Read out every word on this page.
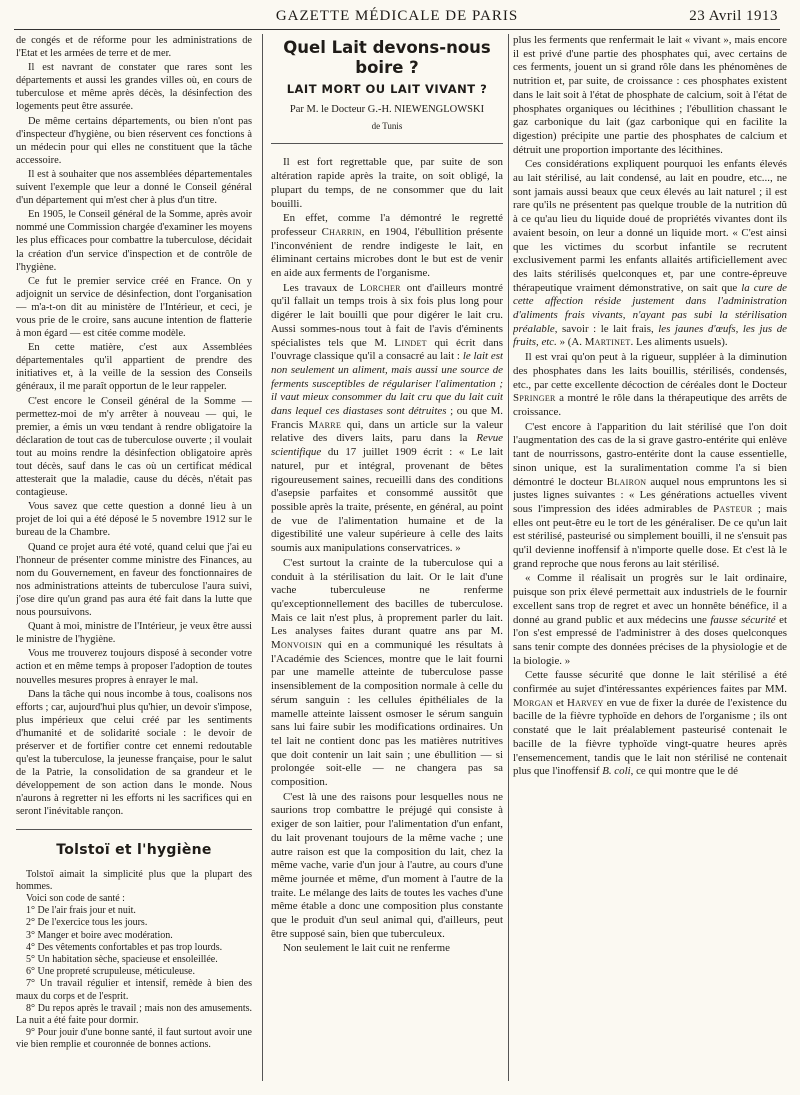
GAZETTE MÉDICALE DE PARIS	23 Avril 1913

de congés et de réforme pour les administrations de l'Etat et les armées de terre et de mer.

Il est navrant de constater que rares sont les départements et aussi les grandes villes où, en cours de tuberculose et même après décès, la désinfection des logements peut être assurée.

De même certains départements, ou bien n'ont pas d'inspecteur d'hygiène, ou bien réservent ces fonctions à un médecin pour qui elles ne constituent que la tâche accessoire.

Il est à souhaiter que nos assemblées départementales suivent l'exemple que leur a donné le Conseil général d'un département qui m'est cher à plus d'un titre.

En 1905, le Conseil général de la Somme, après avoir nommé une Commission chargée d'examiner les moyens les plus efficaces pour combattre la tuberculose, décidait la création d'un service d'inspection et de contrôle de l'hygiène.

Ce fut le premier service créé en France. On y adjoignit un service de désinfection, dont l'organisation — m'a-t-on dit au ministère de l'Intérieur, et ceci, je vous prie de le croire, sans aucune intention de flatterie à mon égard — est citée comme modèle.

En cette matière, c'est aux Assemblées départementales qu'il appartient de prendre des initiatives et, à la veille de la session des Conseils généraux, il me paraît opportun de le leur rappeler.

C'est encore le Conseil général de la Somme — permettez-moi de m'y arrêter à nouveau — qui, le premier, a émis un vœu tendant à rendre obligatoire la déclaration de tout cas de tuberculose ouverte ; il voulait tout au moins rendre la désinfection obligatoire après tout décès, sauf dans le cas où un certificat médical attesterait que la maladie, cause du décès, n'était pas contagieuse.

Vous savez que cette question a donné lieu à un projet de loi qui a été déposé le 5 novembre 1912 sur le bureau de la Chambre.

Quand ce projet aura été voté, quand celui que j'ai eu l'honneur de présenter comme ministre des Finances, au nom du Gouvernement, en faveur des fonctionnaires de nos administrations atteints de tuberculose l'aura suivi, j'ose dire qu'un grand pas aura été fait dans la lutte que nous poursuivons.

Quant à moi, ministre de l'Intérieur, je veux être aussi le ministre de l'hygiène.

Vous me trouverez toujours disposé à seconder votre action et en même temps à proposer l'adoption de toutes nouvelles mesures propres à enrayer le mal.

Dans la tâche qui nous incombe à tous, coalisons nos efforts ; car, aujourd'hui plus qu'hier, un devoir s'impose, plus impérieux que celui créé par les sentiments d'humanité et de solidarité sociale : le devoir de préserver et de fortifier contre cet ennemi redoutable qu'est la tuberculose, la jeunesse française, pour le salut de la Patrie, la consolidation de sa grandeur et le développement de son action dans le monde. Nous n'aurons à regretter ni les efforts ni les sacrifices qui en seront l'inévitable rançon.

Tolstoï et l'hygiène

Tolstoï aimait la simplicité plus que la plupart des hommes.

Voici son code de santé :

1° De l'air frais jour et nuit.

2° De l'exercice tous les jours.

3° Manger et boire avec modération.

4° Des vêtements confortables et pas trop lourds.

5° Un habitation sèche, spacieuse et ensoleillée.

6° Une propreté scrupuleuse, méticuleuse.

7° Un travail régulier et intensif, remède à bien des maux du corps et de l'esprit.

8° Du repos après le travail ; mais non des amusements. La nuit a été faite pour dormir.

9° Pour jouir d'une bonne santé, il faut surtout avoir une vie bien remplie et couronnée de bonnes actions.

Quel Lait devons-nous boire ?
LAIT MORT OU LAIT VIVANT ?
Par M. le Docteur G.-H. NIEWENGLOWSKI
de Tunis

Il est fort regrettable que, par suite de son altération rapide après la traite, on soit obligé, la plupart du temps, de ne consommer que du lait bouilli.

En effet, comme l'a démontré le regretté professeur Charrin, en 1904, l'ébullition présente l'inconvénient de rendre indigeste le lait, en éliminant certains microbes dont le but est de venir en aide aux ferments de l'organisme.

Les travaux de Lorcher ont d'ailleurs montré qu'il fallait un temps trois à six fois plus long pour digérer le lait bouilli que pour digérer le lait cru. Aussi sommes-nous tout à fait de l'avis d'éminents spécialistes tels que M. Lindet qui écrit dans l'ouvrage classique qu'il a consacré au lait : le lait est non seulement un aliment, mais aussi une source de ferments susceptibles de régulariser l'alimentation ; il vaut mieux consommer du lait cru que du lait cuit dans lequel ces diastases sont détruites ; ou que M. Francis Marre qui, dans un article sur la valeur relative des divers laits, paru dans la Revue scientifique du 17 juillet 1909 écrit : « Le lait naturel, pur et intégral, provenant de bêtes rigoureusement saines, recueilli dans des conditions d'asepsie parfaites et consommé aussitôt que possible après la traite, présente, en général, au point de vue de l'alimentation humaine et de la digestibilité une valeur supérieure à celle des laits soumis aux manipulations conservatrices. »

C'est surtout la crainte de la tuberculose qui a conduit à la stérilisation du lait. Or le lait d'une vache tuberculeuse ne renferme qu'exceptionnellement des bacilles de tuberculose. Mais ce lait n'est plus, à proprement parler du lait. Les analyses faites durant quatre ans par M. Monvoisin qui en a communiqué les résultats à l'Académie des Sciences, montre que le lait fourni par une mamelle atteinte de tuberculose passe insensiblement de la composition normale à celle du sérum sanguin : les cellules épithéliales de la mamelle atteinte laissent osmoser le sérum sanguin sans lui faire subir les modifications ordinaires. Un tel lait ne contient donc pas les matières nutritives que doit contenir un lait sain ; une ébullition — si prolongée soit-elle — ne changera pas sa composition.

C'est là une des raisons pour lesquelles nous ne saurions trop combattre le préjugé qui consiste à exiger de son laitier, pour l'alimentation d'un enfant, du lait provenant toujours de la même vache ; une autre raison est que la composition du lait, chez la même vache, varie d'un jour à l'autre, au cours d'une même journée et même, d'un moment à l'autre de la traite. Le mélange des laits de toutes les vaches d'une même étable a donc une composition plus constante que le produit d'un seul animal qui, d'ailleurs, peut être supposé sain, bien que tuberculeux.

Non seulement le lait cuit ne renferme

plus les ferments que renfermait le lait « vivant », mais encore il est privé d'une partie des phosphates qui, avec certains de ces ferments, jouent un si grand rôle dans les phénomènes de nutrition et, par suite, de croissance : ces phosphates existent dans le lait soit à l'état de phosphate de calcium, soit à l'état de phosphates organiques ou lécithines ; l'ébullition chassant le gaz carbonique du lait (gaz carbonique qui en facilite la digestion) précipite une partie des phosphates de calcium et détruit une proportion importante des lécithines.

Ces considérations expliquent pourquoi les enfants élevés au lait stérilisé, au lait condensé, au lait en poudre, etc..., ne sont jamais aussi beaux que ceux élevés au lait naturel ; il est rare qu'ils ne présentent pas quelque trouble de la nutrition dû à ce qu'au lieu du liquide doué de propriétés vivantes dont ils avaient besoin, on leur a donné un liquide mort. « C'est ainsi que les victimes du scorbut infantile se recrutent exclusivement parmi les enfants allaités artificiellement avec des laits stérilisés quelconques et, par une contre-épreuve thérapeutique vraiment démonstrative, on sait que la cure de cette affection réside justement dans l'administration d'aliments frais vivants, n'ayant pas subi la stérilisation préalable, savoir : le lait frais, les jaunes d'œufs, les jus de fruits, etc. » (A. Martinet. Les aliments usuels).

Il est vrai qu'on peut à la rigueur, suppléer à la diminution des phosphates dans les laits bouillis, stérilisés, condensés, etc., par cette excellente décoction de céréales dont le Docteur Springer a montré le rôle dans la thérapeutique des arrêts de croissance.

C'est encore à l'apparition du lait stérilisé que l'on doit l'augmentation des cas de la si grave gastro-entérite qui enlève tant de nourrissons, gastro-entérite dont la cause essentielle, sinon unique, est la suralimentation comme l'a si bien démontré le docteur Blairon auquel nous empruntons les si justes lignes suivantes : « Les générations actuelles vivent sous l'impression des idées admirables de Pasteur ; mais elles ont peut-être eu le tort de les généraliser. De ce qu'un lait est stérilisé, pasteurisé ou simplement bouilli, il ne s'ensuit pas qu'il devienne inoffensif à n'importe quelle dose. Et c'est là le grand reproche que nous ferons au lait stérilisé.

« Comme il réalisait un progrès sur le lait ordinaire, puisque son prix élevé permettait aux industriels de le fournir excellent sans trop de regret et avec un honnête bénéfice, il a donné au grand public et aux médecins une fausse sécurité et l'on s'est empressé de l'administrer à des doses quelconques sans tenir compte des données précises de la physiologie et de la biologie. »

Cette fausse sécurité que donne le lait stérilisé a été confirmée au sujet d'intéressantes expériences faites par MM. Morgan et Harvey en vue de fixer la durée de l'existence du bacille de la fièvre typhoïde en dehors de l'organisme ; ils ont constaté que le lait préalablement pasteurisé contenait le bacille de la fièvre typhoïde vingt-quatre heures après l'ensemencement, tandis que le lait non stérilisé ne contenait plus que l'inoffensif B. coli, ce qui montre que le dé
